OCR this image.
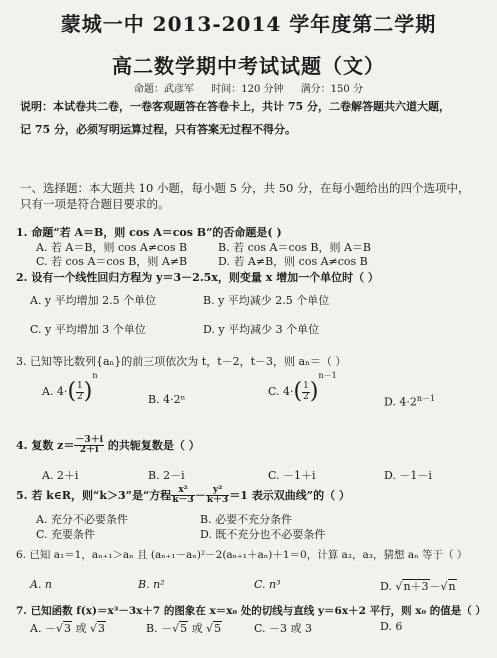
蒙城一中 2013-2014 学年度第二学期
高二数学期中考试试题（文）
命题：武彦军 时间：120 分钟 满分：150 分
说明：本试卷共二卷，一卷客观题答在答卷卡上，共计 75 分，二卷解答题共六道大题，
记 75 分，必须写明运算过程，只有答案无过程不得分。
一、选择题：本大题共 10 小题，每小题 5 分，共 50 分，在每小题给出的四个选项中，
只有一项是符合题目要求的。
1. 命题“若 A＝B，则 cos A＝cos B”的否命题是( )
A. 若 A＝B，则 cos A≠cos B	B. 若 cos A＝cos B，则 A＝B
C. 若 cos A＝cos B，则 A≠B	D. 若 A≠B，则 cos A≠cos B
2. 设有一个线性回归方程为 y＝3－2.5x，则变量 x 增加一个单位时（ ）
A. y 平均增加 2.5 个单位	B. y 平均减少 2.5 个单位
C. y 平均增加 3 个单位	D. y 平均减少 3 个单位
3. 已知等比数列{aₙ}的前三项依次为 t，t－2，t－3，则 aₙ＝（ ）
A. $4\cdot( \frac{1}{2} )^n$
B. 4·2ⁿ
C. $4\cdot( \frac{1}{2} )^{n-1}$
D. $4\cdot 2^{n-1}$
4. 复数 $z= \frac{-3+i}{2+i}$ 的共轭复数是（ ）
A. 2＋i	B. 2－i	C. －1＋i	D. －1－i
5. 若 k∈R，则“k＞3”是“方程 $\frac{\text{x²}}{k-3} - \frac{\text{y²}}{k+3} =1$ 表示双曲线”的（ ）
A. 充分不必要条件	B. 必要不充分条件
C. 充要条件	D. 既不充分也不必要条件
6. 已知 a₁＝1，aₙ₊₁＞aₙ 且 (aₙ₊₁－aₙ)²－2(aₙ₊₁＋aₙ)＋1＝0，计算 a₂，a₃，猜想 aₙ 等于（ ）
A. n	B. n²	C. n³	D. √n＋3－√n
7. 已知函数 f(x)＝x³－3x＋7 的图象在 x＝x₀ 处的切线与直线 y＝6x＋2 平行，则 x₀ 的值是（ ）
A. －√3 或 √3	B. －√5 或 √5	C. －3 或 3	D. 6
